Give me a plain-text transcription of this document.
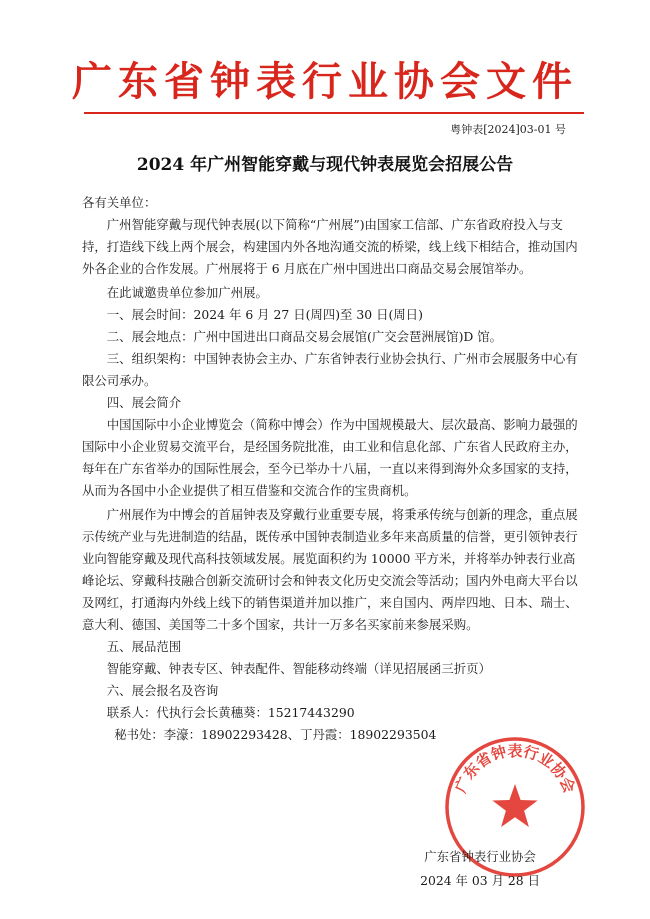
广东省钟表行业协会文件
粤钟表[2024]03-01 号
2024 年广州智能穿戴与现代钟表展览会招展公告

各有关单位：

广州智能穿戴与现代钟表展(以下简称“广州展”)由国家工信部、广东省政府投入与支持，打造线下线上两个展会，构建国内外各地沟通交流的桥梁，线上线下相结合，推动国内外各企业的合作发展。广州展将于 6 月底在广州中国进出口商品交易会展馆举办。

在此诚邀贵单位参加广州展。

一、展会时间：2024 年 6 月 27 日(周四)至 30 日(周日)

二、展会地点：广州中国进出口商品交易会展馆(广交会琶洲展馆)D 馆。

三、组织架构：中国钟表协会主办、广东省钟表行业协会执行、广州市会展服务中心有限公司承办。

四、展会简介

中国国际中小企业博览会（简称中博会）作为中国规模最大、层次最高、影响力最强的国际中小企业贸易交流平台，是经国务院批准，由工业和信息化部、广东省人民政府主办，每年在广东省举办的国际性展会，至今已举办十八届，一直以来得到海外众多国家的支持，从而为各国中小企业提供了相互借鉴和交流合作的宝贵商机。

广州展作为中博会的首届钟表及穿戴行业重要专展，将秉承传统与创新的理念，重点展示传统产业与先进制造的结晶，既传承中国钟表制造业多年来高质量的信誉，更引领钟表行业向智能穿戴及现代高科技领域发展。展览面积约为 10000 平方米，并将举办钟表行业高峰论坛、穿戴科技融合创新交流研讨会和钟表文化历史交流会等活动；国内外电商大平台以及网红，打通海内外线上线下的销售渠道并加以推广，来自国内、两岸四地、日本、瑞士、意大利、德国、美国等二十多个国家，共计一万多名买家前来参展采购。

五、展品范围

智能穿戴、钟表专区、钟表配件、智能移动终端（详见招展函三折页）

六、展会报名及咨询

联系人：代执行会长黄穗葵：15217443290

秘书处：李濠：18902293428、丁丹霞：18902293504

广东省钟表行业协会
广东省钟表行业协会
2024 年 03 月 28 日
